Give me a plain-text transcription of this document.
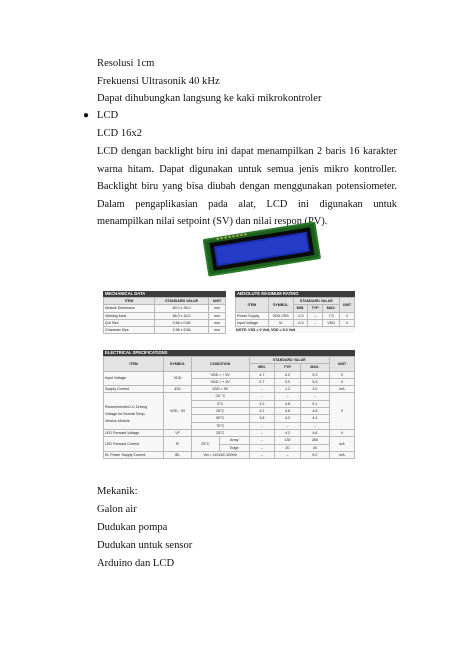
Resolusi 1cm
Frekuensi Ultrasonik 40 kHz
Dapat dihubungkan langsung ke kaki mikrokontroler
● LCD
LCD 16x2
LCD dengan backlight biru ini dapat menampilkan 2 baris 16 karakter warna hitam. Dapat digunakan untuk semua jenis mikro kontroller. Backlight biru yang bisa diubah dengan menggunakan potensiometer. Dalam pengaplikasian pada alat, LCD ini digunakan untuk menampilkan nilai setpoint (SV) dan nilai respon (PV).
MECHANICAL DATA
ITEM	STANDARD VALUE	UNIT
Module Dimension	80.0 x 36.0	mm
Viewing Area	66.0 x 16.0	mm
Dot Size	0.56 x 0.66	mm
Character Size	2.96 x 5.56	mm
ABSOLUTE MAXIMUM RATING
ITEM	SYMBOL	STANDARD VALUE			UNIT
		MIN.	TYP.	MAX.	
Power Supply	VDD-VSS	-0.3	–	7.0	V
Input Voltage	VI	-0.3	–	VDD	V
NOTE: VSS = 0 Volt, VDD = 5.0 Volt
ELECTRICAL SPECIFICATIONS
ITEM	SYMBOL	CONDITION		STANDARD VALUE			UNIT
				MIN.	TYP.	MAX.	
Input Voltage	VDD	VDD = + 5V		4.7	5.0	5.3	V
		VDD = + 3V		2.7	3.0	5.3	V
Supply Current	IDD	VDD = 5V		–	1.2	3.0	mA

Recommended LC Driving
Voltage for Normal Temp.
Version Module	VDD - V0	-20 °C		–	–	–	V
		0°C		4.2	4.8	5.1	
		25°C		4.2	4.6	4.8	
		50°C		3.8	4.0	4.4	
		70°C		–	–	–	
LED Forward Voltage	VF	25°C		–	4.2	4.6	V
LED Forward Current	IF	25°C	Array	–	130	260	mA
			Edge	–	20	40	
EL Power Supply Current	IEL	Vel = 110VAC:400Hz		–	–	5.0	mA
Mekanik:
Galon air
Dudukan pompa
Dudukan untuk sensor
Arduino dan LCD
